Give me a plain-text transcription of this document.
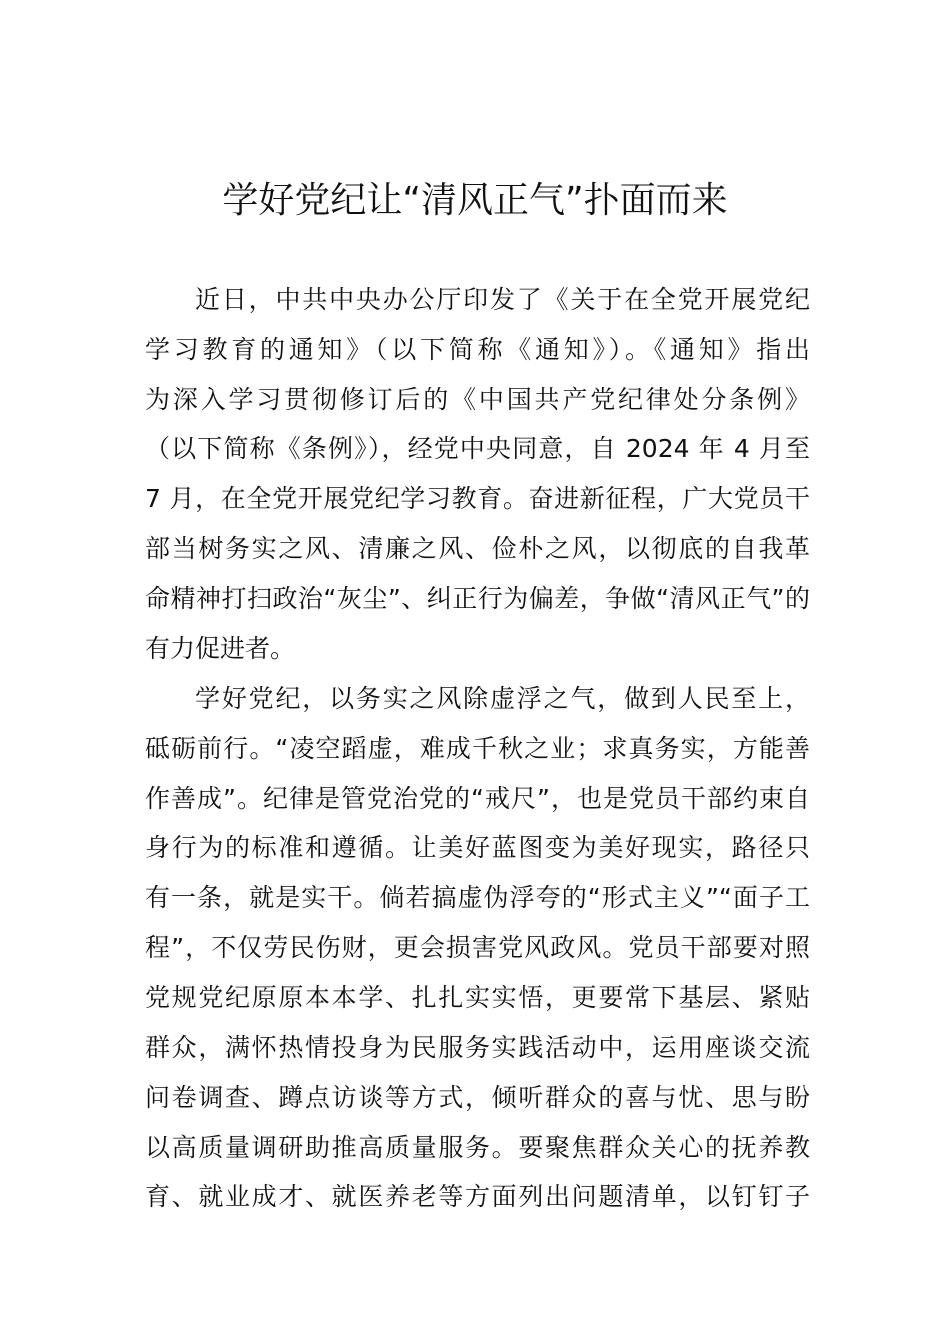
学好党纪让“清风正气”扑面而来

近日，中共中央办公厅印发了《关于在全党开展党纪

学习教育的通知》（以下简称《通知》）。《通知》指出

为深入学习贯彻修订后的《中国共产党纪律处分条例》

（以下简称《条例》），经党中央同意，自 2024 年 4 月至

7 月，在全党开展党纪学习教育。奋进新征程，广大党员干

部当树务实之风、清廉之风、俭朴之风，以彻底的自我革

命精神打扫政治“灰尘”、纠正行为偏差，争做“清风正气”的

有力促进者。

学好党纪，以务实之风除虚浮之气，做到人民至上，

砥砺前行。“凌空蹈虚，难成千秋之业；求真务实，方能善

作善成”。纪律是管党治党的“戒尺”，也是党员干部约束自

身行为的标准和遵循。让美好蓝图变为美好现实，路径只

有一条，就是实干。倘若搞虚伪浮夸的“形式主义”“面子工

程”，不仅劳民伤财，更会损害党风政风。党员干部要对照

党规党纪原原本本学、扎扎实实悟，更要常下基层、紧贴

群众，满怀热情投身为民服务实践活动中，运用座谈交流

问卷调查、蹲点访谈等方式，倾听群众的喜与忧、思与盼

以高质量调研助推高质量服务。要聚焦群众关心的抚养教

育、就业成才、就医养老等方面列出问题清单，以钉钉子
